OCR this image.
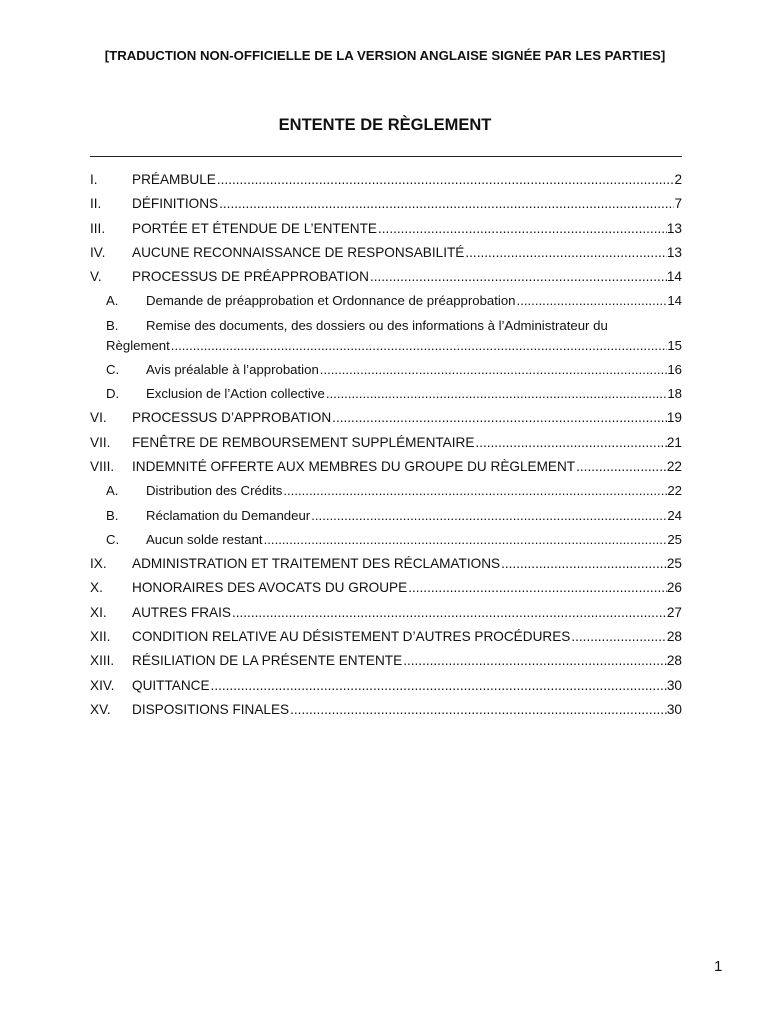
[TRADUCTION NON-OFFICIELLE DE LA VERSION ANGLAISE SIGNÉE PAR LES PARTIES]
ENTENTE DE RÈGLEMENT
I.	PRÉAMBULE .....	2
II.	DÉFINITIONS .....	7
III.	PORTÉE ET ÉTENDUE DE L’ENTENTE .....	13
IV.	AUCUNE RECONNAISSANCE DE RESPONSABILITÉ .....	13
V.	PROCESSUS DE PRÉAPPROBATION .....	14
A.	Demande de préapprobation et Ordonnance de préapprobation .....	14
B.	Remise des documents, des dossiers ou des informations à l’Administrateur du
Règlement .....	15
C.	Avis préalable à l’approbation .....	16
D.	Exclusion de l’Action collective .....	18
VI.	PROCESSUS D’APPROBATION .....	19
VII.	FENÊTRE DE REMBOURSEMENT SUPPLÉMENTAIRE .....	21
VIII.	INDEMNITÉ OFFERTE AUX MEMBRES DU GROUPE DU RÈGLEMENT .....	22
A.	Distribution des Crédits .....	22
B.	Réclamation du Demandeur .....	24
C.	Aucun solde restant .....	25
IX.	ADMINISTRATION ET TRAITEMENT DES RÉCLAMATIONS .....	25
X.	HONORAIRES DES AVOCATS DU GROUPE .....	26
XI.	AUTRES FRAIS .....	27
XII.	CONDITION RELATIVE AU DÉSISTEMENT D’AUTRES PROCÉDURES .....	28
XIII.	RÉSILIATION DE LA PRÉSENTE ENTENTE .....	28
XIV.	QUITTANCE .....	30
XV.	DISPOSITIONS FINALES .....	30
1
